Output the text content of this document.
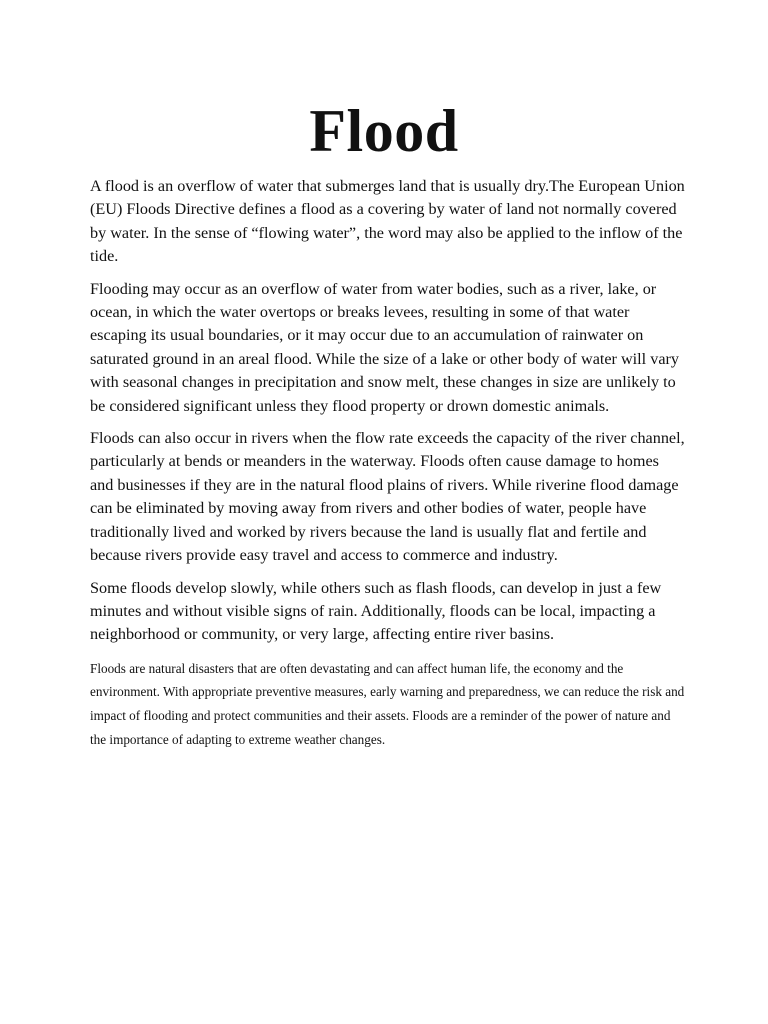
Flood

A flood is an overflow of water that submerges land that is usually dry.The European Union (EU) Floods Directive defines a flood as a covering by water of land not normally covered by water. In the sense of “flowing water”, the word may also be applied to the inflow of the tide.

Flooding may occur as an overflow of water from water bodies, such as a river, lake, or ocean, in which the water overtops or breaks levees, resulting in some of that water escaping its usual boundaries, or it may occur due to an accumulation of rainwater on saturated ground in an areal flood. While the size of a lake or other body of water will vary with seasonal changes in precipitation and snow melt, these changes in size are unlikely to be considered significant unless they flood property or drown domestic animals.

Floods can also occur in rivers when the flow rate exceeds the capacity of the river channel, particularly at bends or meanders in the waterway. Floods often cause damage to homes and businesses if they are in the natural flood plains of rivers. While riverine flood damage can be eliminated by moving away from rivers and other bodies of water, people have traditionally lived and worked by rivers because the land is usually flat and fertile and because rivers provide easy travel and access to commerce and industry.

Some floods develop slowly, while others such as flash floods, can develop in just a few minutes and without visible signs of rain. Additionally, floods can be local, impacting a neighborhood or community, or very large, affecting entire river basins.

Floods are natural disasters that are often devastating and can affect human life, the economy and the environment. With appropriate preventive measures, early warning and preparedness, we can reduce the risk and impact of flooding and protect communities and their assets. Floods are a reminder of the power of nature and the importance of adapting to extreme weather changes.
